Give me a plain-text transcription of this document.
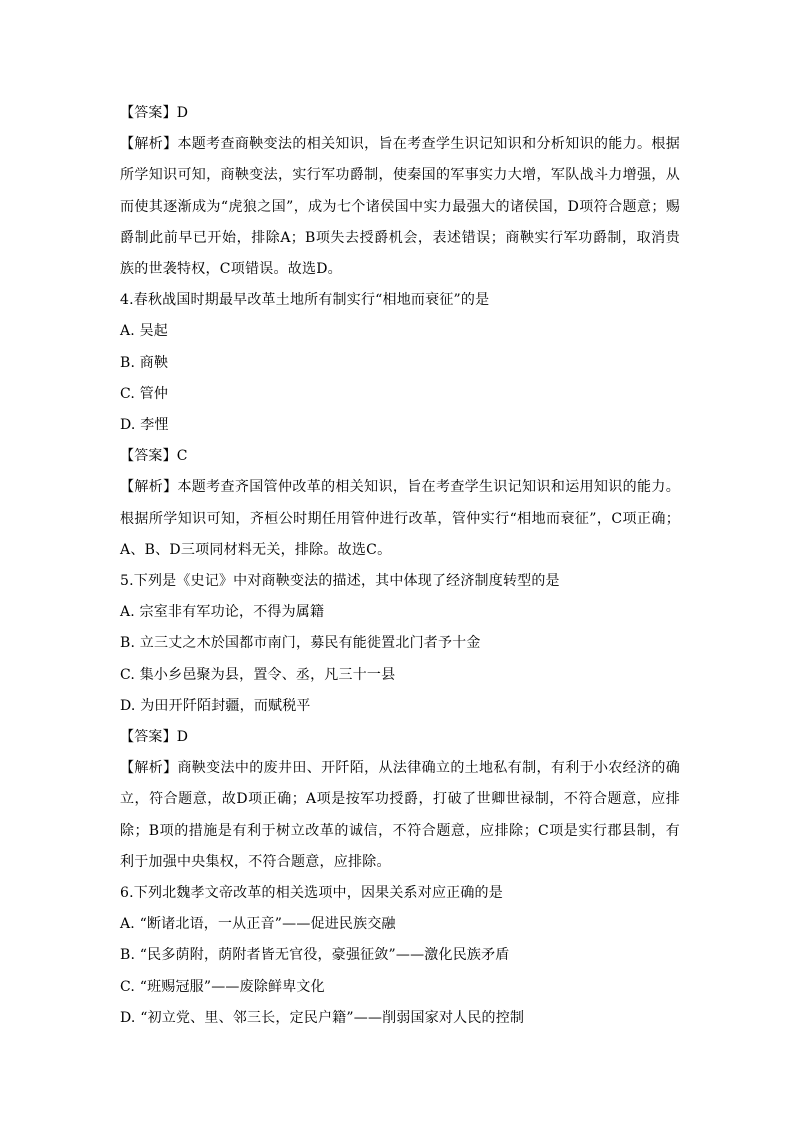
【答案】D
【解析】本题考查商鞅变法的相关知识，旨在考查学生识记知识和分析知识的能力。根据所学知识可知，商鞅变法，实行军功爵制，使秦国的军事实力大增，军队战斗力增强，从而使其逐渐成为“虎狼之国”，成为七个诸侯国中实力最强大的诸侯国，D项符合题意；赐爵制此前早已开始，排除A；B项失去授爵机会，表述错误；商鞅实行军功爵制，取消贵族的世袭特权，C项错误。故选D。
4.春秋战国时期最早改革土地所有制实行“相地而衰征”的是
A. 吴起
B. 商鞅
C. 管仲
D. 李悝
【答案】C
【解析】本题考查齐国管仲改革的相关知识，旨在考查学生识记知识和运用知识的能力。根据所学知识可知，齐桓公时期任用管仲进行改革，管仲实行“相地而衰征”，C项正确；A、B、D三项同材料无关，排除。故选C。
5.下列是《史记》中对商鞅变法的描述，其中体现了经济制度转型的是
A. 宗室非有军功论，不得为属籍
B. 立三丈之木於国都市南门，募民有能徙置北门者予十金
C. 集小乡邑聚为县，置令、丞，凡三十一县
D. 为田开阡陌封疆，而赋税平
【答案】D
【解析】商鞅变法中的废井田、开阡陌，从法律确立的土地私有制，有利于小农经济的确立，符合题意，故D项正确；A项是按军功授爵，打破了世卿世禄制，不符合题意，应排除；B项的措施是有利于树立改革的诚信，不符合题意，应排除；C项是实行郡县制，有利于加强中央集权，不符合题意，应排除。
6.下列北魏孝文帝改革的相关选项中，因果关系对应正确的是
A. “断诸北语，一从正音”——促进民族交融
B. “民多荫附，荫附者皆无官役，豪强征敛”——激化民族矛盾
C. “班赐冠服”——废除鲜卑文化
D. “初立党、里、邻三长，定民户籍”——削弱国家对人民的控制
